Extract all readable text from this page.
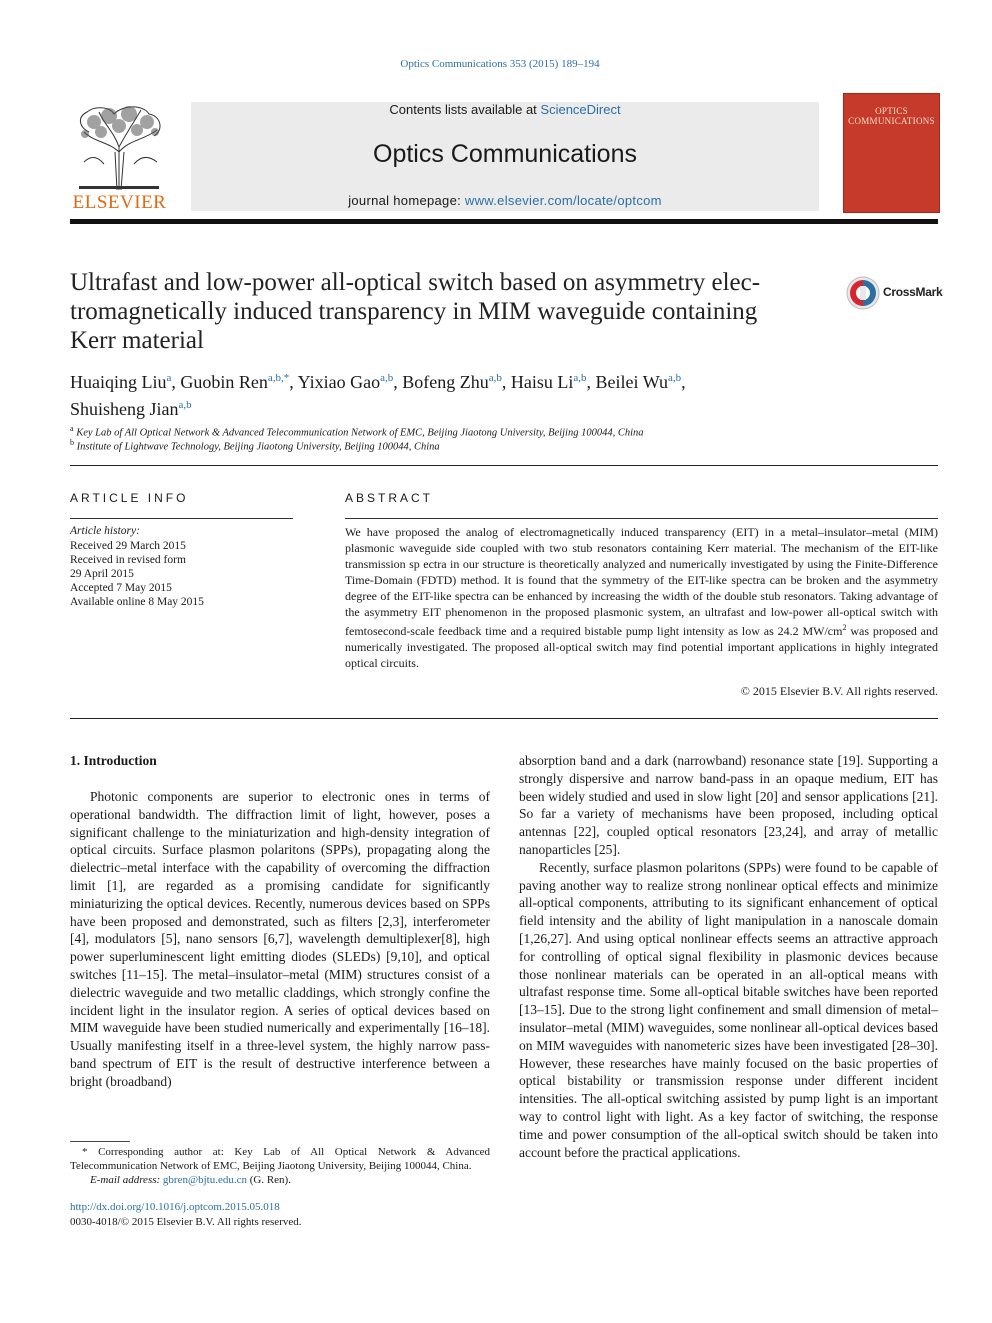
Optics Communications 353 (2015) 189–194
ELSEVIER
Contents lists available at ScienceDirect
Optics Communications
journal homepage: www.elsevier.com/locate/optcom
OPTICS COMMUNICATIONS
Ultrafast and low-power all-optical switch based on asymmetry elec-
tromagnetically induced transparency in MIM waveguide containing
Kerr material
CrossMark
Huaiqing Liu$^a$, Guobin Ren$^{a,b,*}$, Yixiao Gao$^{a,b}$, Bofeng Zhu$^{a,b}$, Haisu Li$^{a,b}$, Beilei Wu$^{a,b}$,
Shuisheng Jian$^{a,b}$
$^a$ Key Lab of All Optical Network & Advanced Telecommunication Network of EMC, Beijing Jiaotong University, Beijing 100044, China
$^b$ Institute of Lightwave Technology, Beijing Jiaotong University, Beijing 100044, China
ARTICLE INFO
Article history:
Received 29 March 2015
Received in revised form
29 April 2015
Accepted 7 May 2015
Available online 8 May 2015
ABSTRACT
We have proposed the analog of electromagnetically induced transparency (EIT) in a metal–insulator–metal (MIM) plasmonic waveguide side coupled with two stub resonators containing Kerr material. The mechanism of the EIT-like transmission sp ectra in our structure is theoretically analyzed and numerically investigated by using the Finite-Difference Time-Domain (FDTD) method. It is found that the symmetry of the EIT-like spectra can be broken and the asymmetry degree of the EIT-like spectra can be enhanced by increasing the width of the double stub resonators. Taking advantage of the asymmetry EIT phenomenon in the proposed plasmonic system, an ultrafast and low-power all-optical switch with femtosecond-scale feedback time and a required bistable pump light intensity as low as 24.2 $MW/cm^2$ was proposed and numerically investigated. The proposed all-optical switch may find potential important applications in highly integrated optical circuits.
© 2015 Elsevier B.V. All rights reserved.
1. Introduction
Photonic components are superior to electronic ones in terms of operational bandwidth. The diffraction limit of light, however, poses a significant challenge to the miniaturization and high-density integration of optical circuits. Surface plasmon polaritons (SPPs), propagating along the dielectric–metal interface with the capability of overcoming the diffraction limit [1], are regarded as a promising candidate for significantly miniaturizing the optical devices. Recently, numerous devices based on SPPs have been proposed and demonstrated, such as filters [2,3], interferometer [4], modulators [5], nano sensors [6,7], wavelength demultiplexer[8], high power superluminescent light emitting diodes (SLEDs) [9,10], and optical switches [11–15]. The metal–insulator–metal (MIM) structures consist of a dielectric waveguide and two metallic claddings, which strongly confine the incident light in the insulator region. A series of optical devices based on MIM waveguide have been studied numerically and experimentally [16–18]. Usually manifesting itself in a three-level system, the highly narrow pass-band spectrum of EIT is the result of destructive interference between a bright (broadband)

absorption band and a dark (narrowband) resonance state [19]. Supporting a strongly dispersive and narrow band-pass in an opaque medium, EIT has been widely studied and used in slow light [20] and sensor applications [21]. So far a variety of mechanisms have been proposed, including optical antennas [22], coupled optical resonators [23,24], and array of metallic nanoparticles [25].

Recently, surface plasmon polaritons (SPPs) were found to be capable of paving another way to realize strong nonlinear optical effects and minimize all-optical components, attributing to its significant enhancement of optical field intensity and the ability of light manipulation in a nanoscale domain [1,26,27]. And using optical nonlinear effects seems an attractive approach for controlling of optical signal flexibility in plasmonic devices because those nonlinear materials can be operated in an all-optical means with ultrafast response time. Some all-optical bitable switches have been reported [13–15]. Due to the strong light confinement and small dimension of metal–insulator–metal (MIM) waveguides, some nonlinear all-optical devices based on MIM waveguides with nanometeric sizes have been investigated [28–30]. However, these researches have mainly focused on the basic properties of optical bistability or transmission response under different incident intensities. The all-optical switching assisted by pump light is an important way to control light with light. As a key factor of switching, the response time and power consumption of the all-optical switch should be taken into account before the practical applications.

* Corresponding author at: Key Lab of All Optical Network & Advanced Telecommunication Network of EMC, Beijing Jiaotong University, Beijing 100044, China.
E-mail address: gbren@bjtu.edu.cn (G. Ren).
http://dx.doi.org/10.1016/j.optcom.2015.05.018
0030-4018/© 2015 Elsevier B.V. All rights reserved.
